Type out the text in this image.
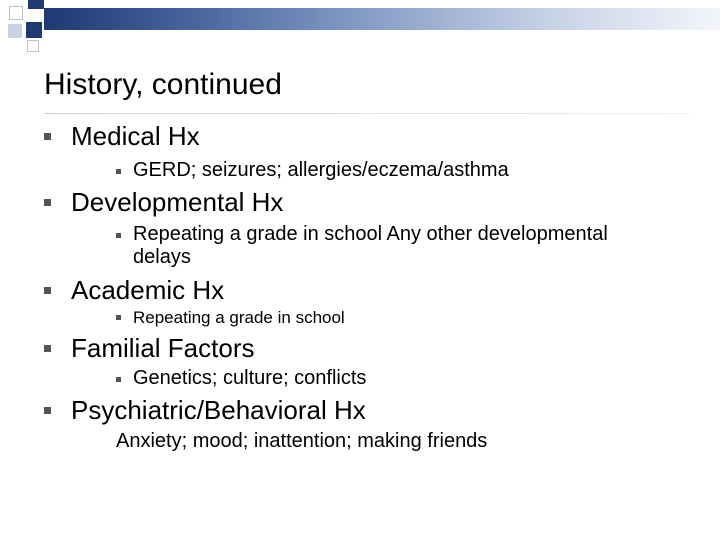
History, continued
Medical Hx
GERD; seizures; allergies/eczema/asthma
Developmental Hx
Repeating a grade in school Any other developmental
delays
Academic Hx
Repeating a grade in school
Familial Factors
Genetics; culture; conflicts
Psychiatric/Behavioral Hx
Anxiety; mood; inattention; making friends
